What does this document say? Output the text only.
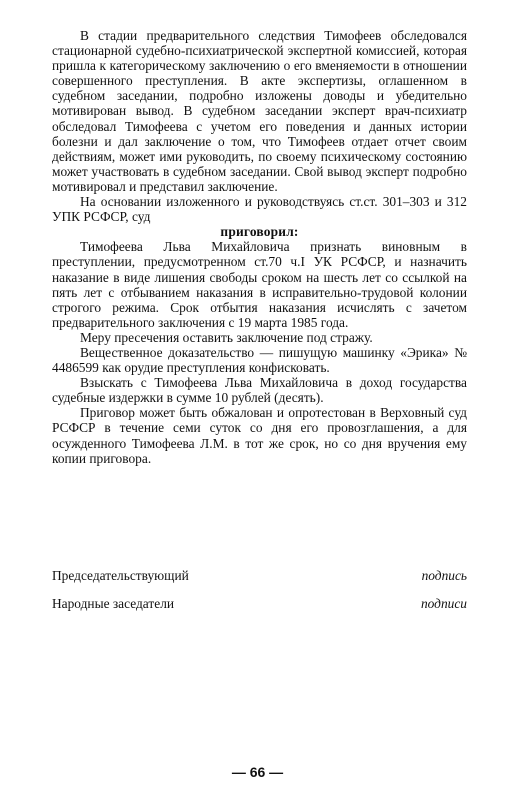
В стадии предварительного следствия Тимофеев обследовался стационарной судебно-психиатрической экспертной комиссией, которая пришла к категорическому заключению о его вменяемости в отношении совершенного преступления. В акте экспертизы, оглашенном в судебном заседании, подробно изложены доводы и убедительно мотивирован вывод. В судебном заседании эксперт врач-психиатр обследовал Тимофеева с учетом его поведения и данных истории болезни и дал заключение о том, что Тимофеев отдает отчет своим действиям, может ими руководить, по своему психическому состоянию может участвовать в судебном заседании. Свой вывод эксперт подробно мотивировал и представил заключение.

На основании изложенного и руководствуясь ст.ст. 301–303 и 312 УПК РСФСР, суд

приговорил:

Тимофеева Льва Михайловича признать виновным в преступлении, предусмотренном ст.70 ч.I УК РСФСР, и назначить наказание в виде лишения свободы сроком на шесть лет со ссылкой на пять лет с отбыванием наказания в исправительно-трудовой колонии строгого режима. Срок отбытия наказания исчислять с зачетом предварительного заключения с 19 марта 1985 года.

Меру пресечения оставить заключение под стражу.

Вещественное доказательство — пишущую машинку «Эрика» № 4486599 как орудие преступления конфисковать.

Взыскать с Тимофеева Льва Михайловича в доход государства судебные издержки в сумме 10 рублей (десять).

Приговор может быть обжалован и опротестован в Верховный суд РСФСР в течение семи суток со дня его провозглашения, а для осужденного Тимофеева Л.М. в тот же срок, но со дня вручения ему копии приговора.

Председательствующий	подпись
Народные заседатели	подписи
— 66 —
